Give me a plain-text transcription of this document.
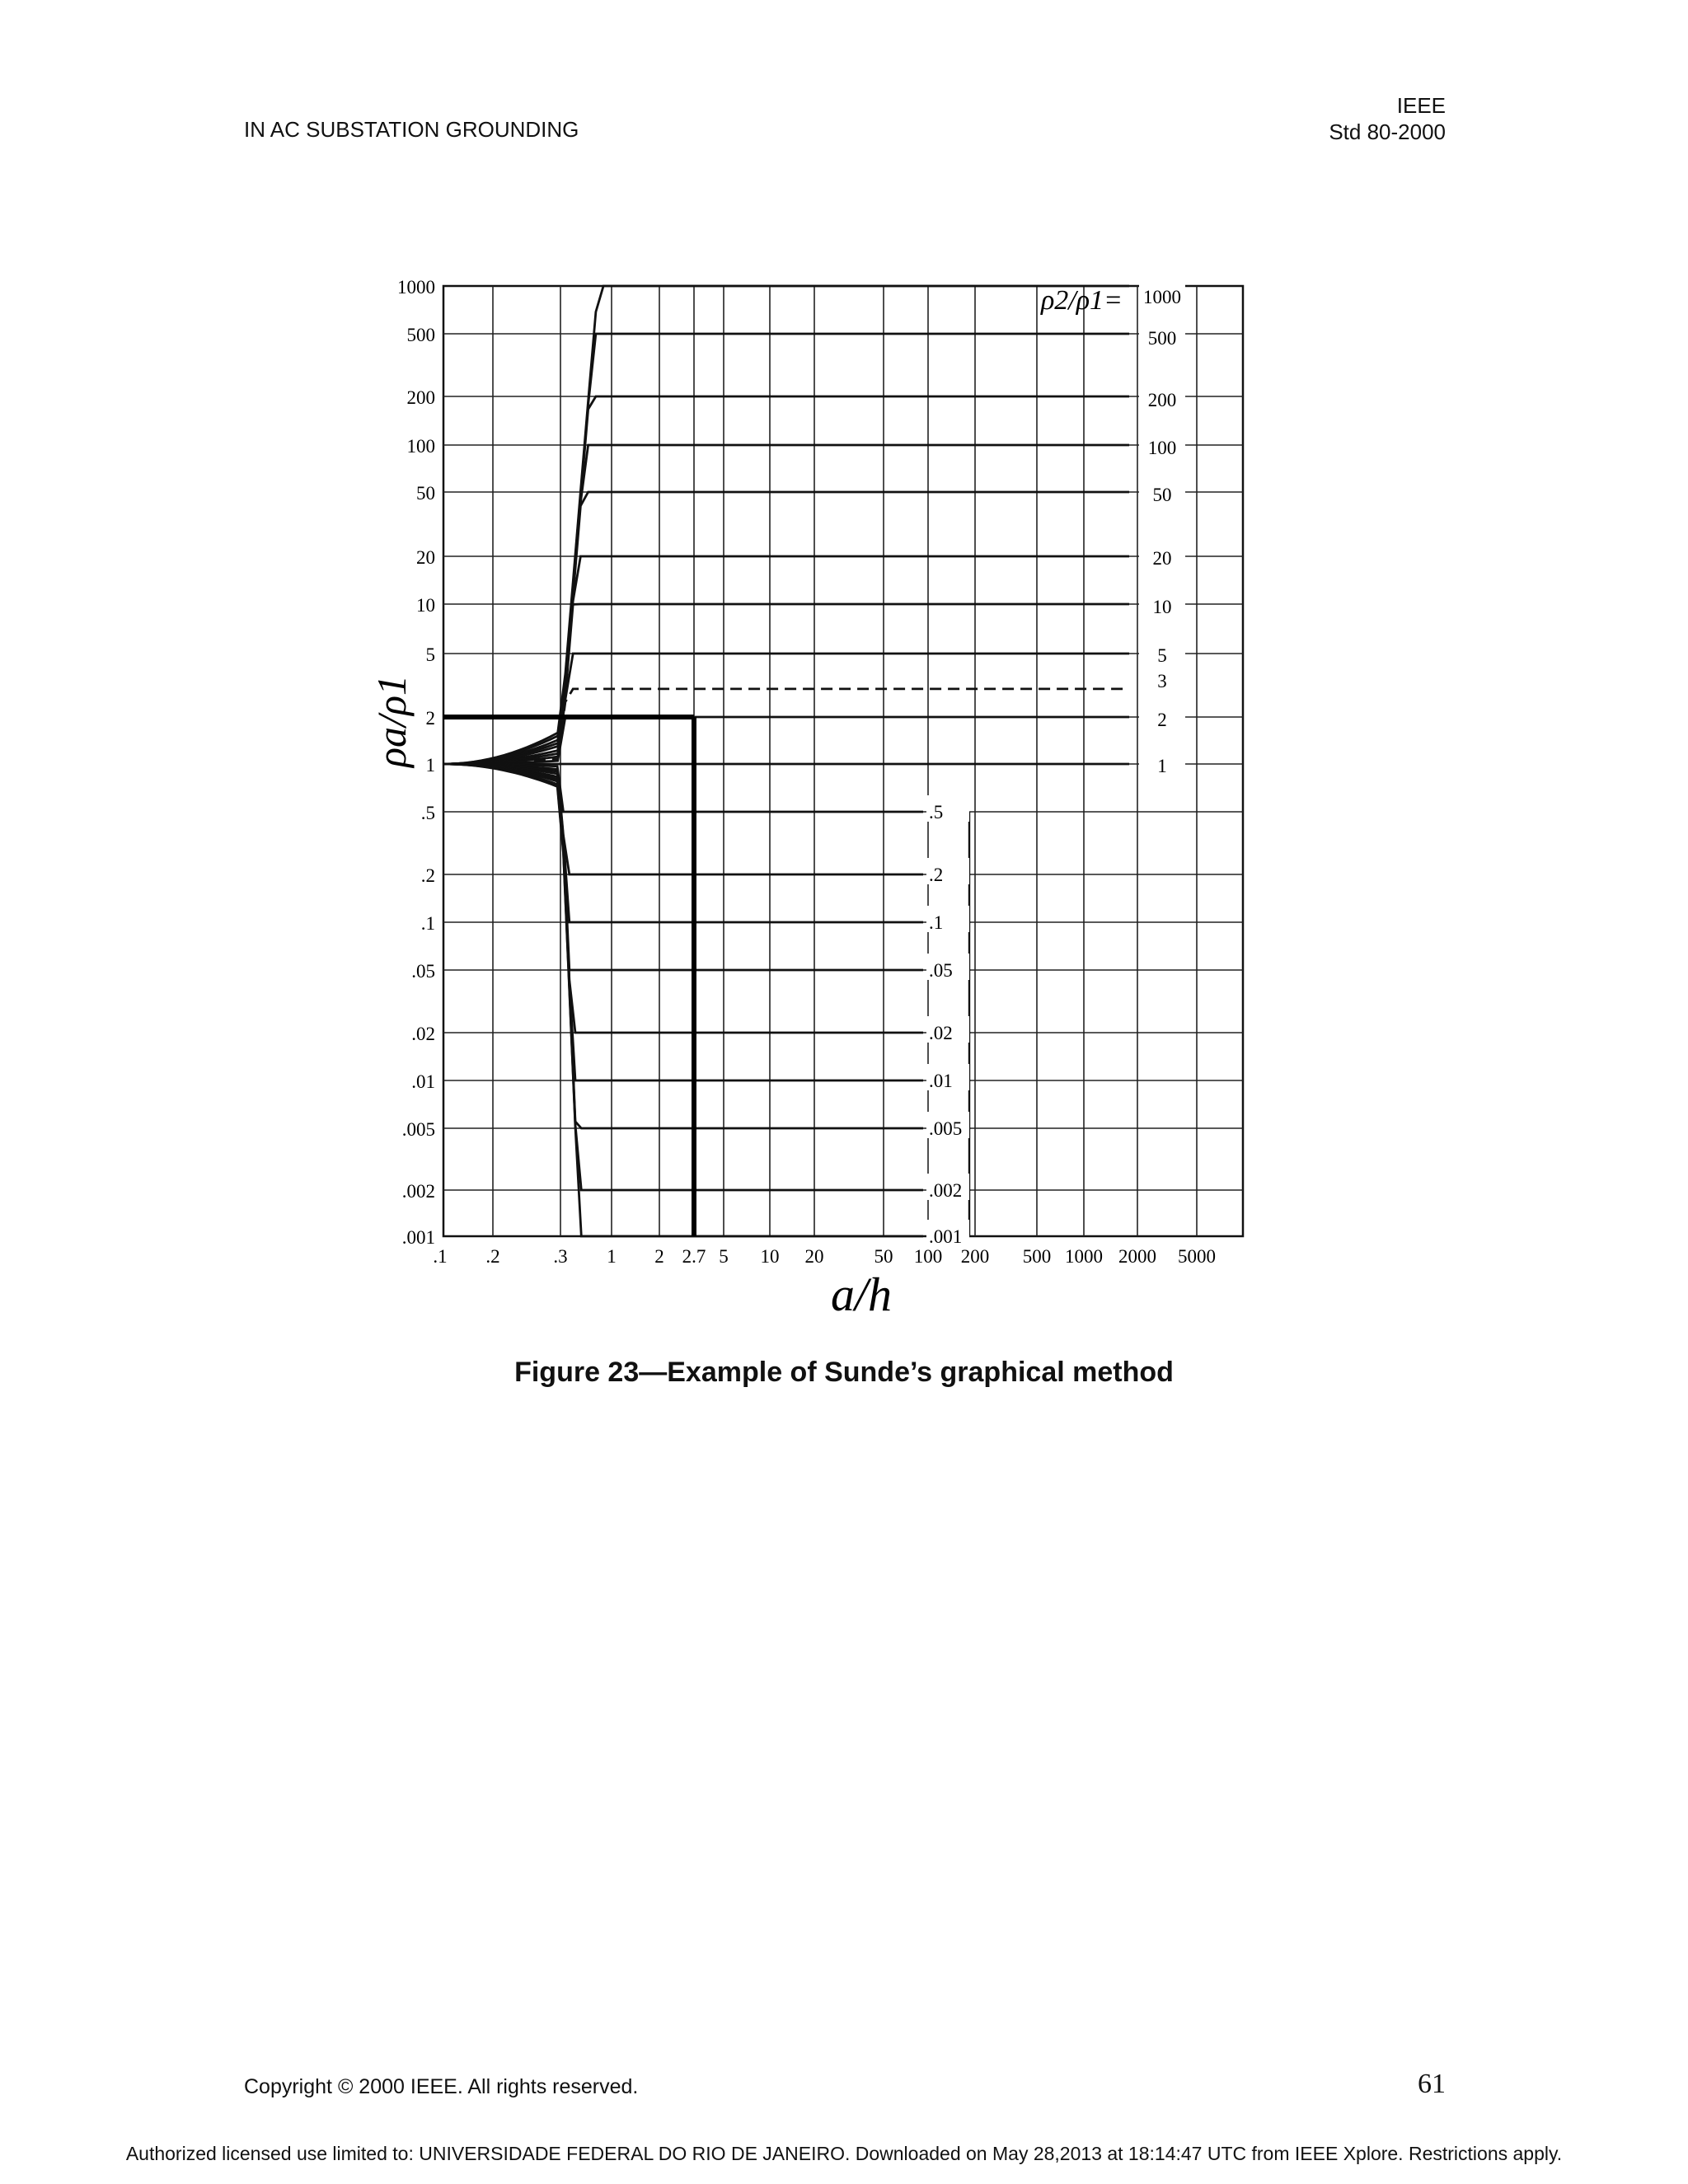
IN AC SUBSTATION GROUNDING
IEEE
Std 80-2000
1000
500
200
100
50
20
10
5
2
1
.5
.2
.1
.05
.02
.01
.005
.002
.001
.1 .2	.3 1 2 2.7 5 10 20	50 100 200 500 1000 2000 5000
a/h
ρa/ρ1
ρ2/ρ1= 1000
500
200
100
50
20
10
5
3
2
1
.5
.2
.1
.05
.02
.01
.005
.002
.001
Figure 23—Example of Sunde’s graphical method
Copyright © 2000 IEEE. All rights reserved.	61
Authorized licensed use limited to: UNIVERSIDADE FEDERAL DO RIO DE JANEIRO. Downloaded on May 28,2013 at 18:14:47 UTC from IEEE Xplore. Restrictions apply.
